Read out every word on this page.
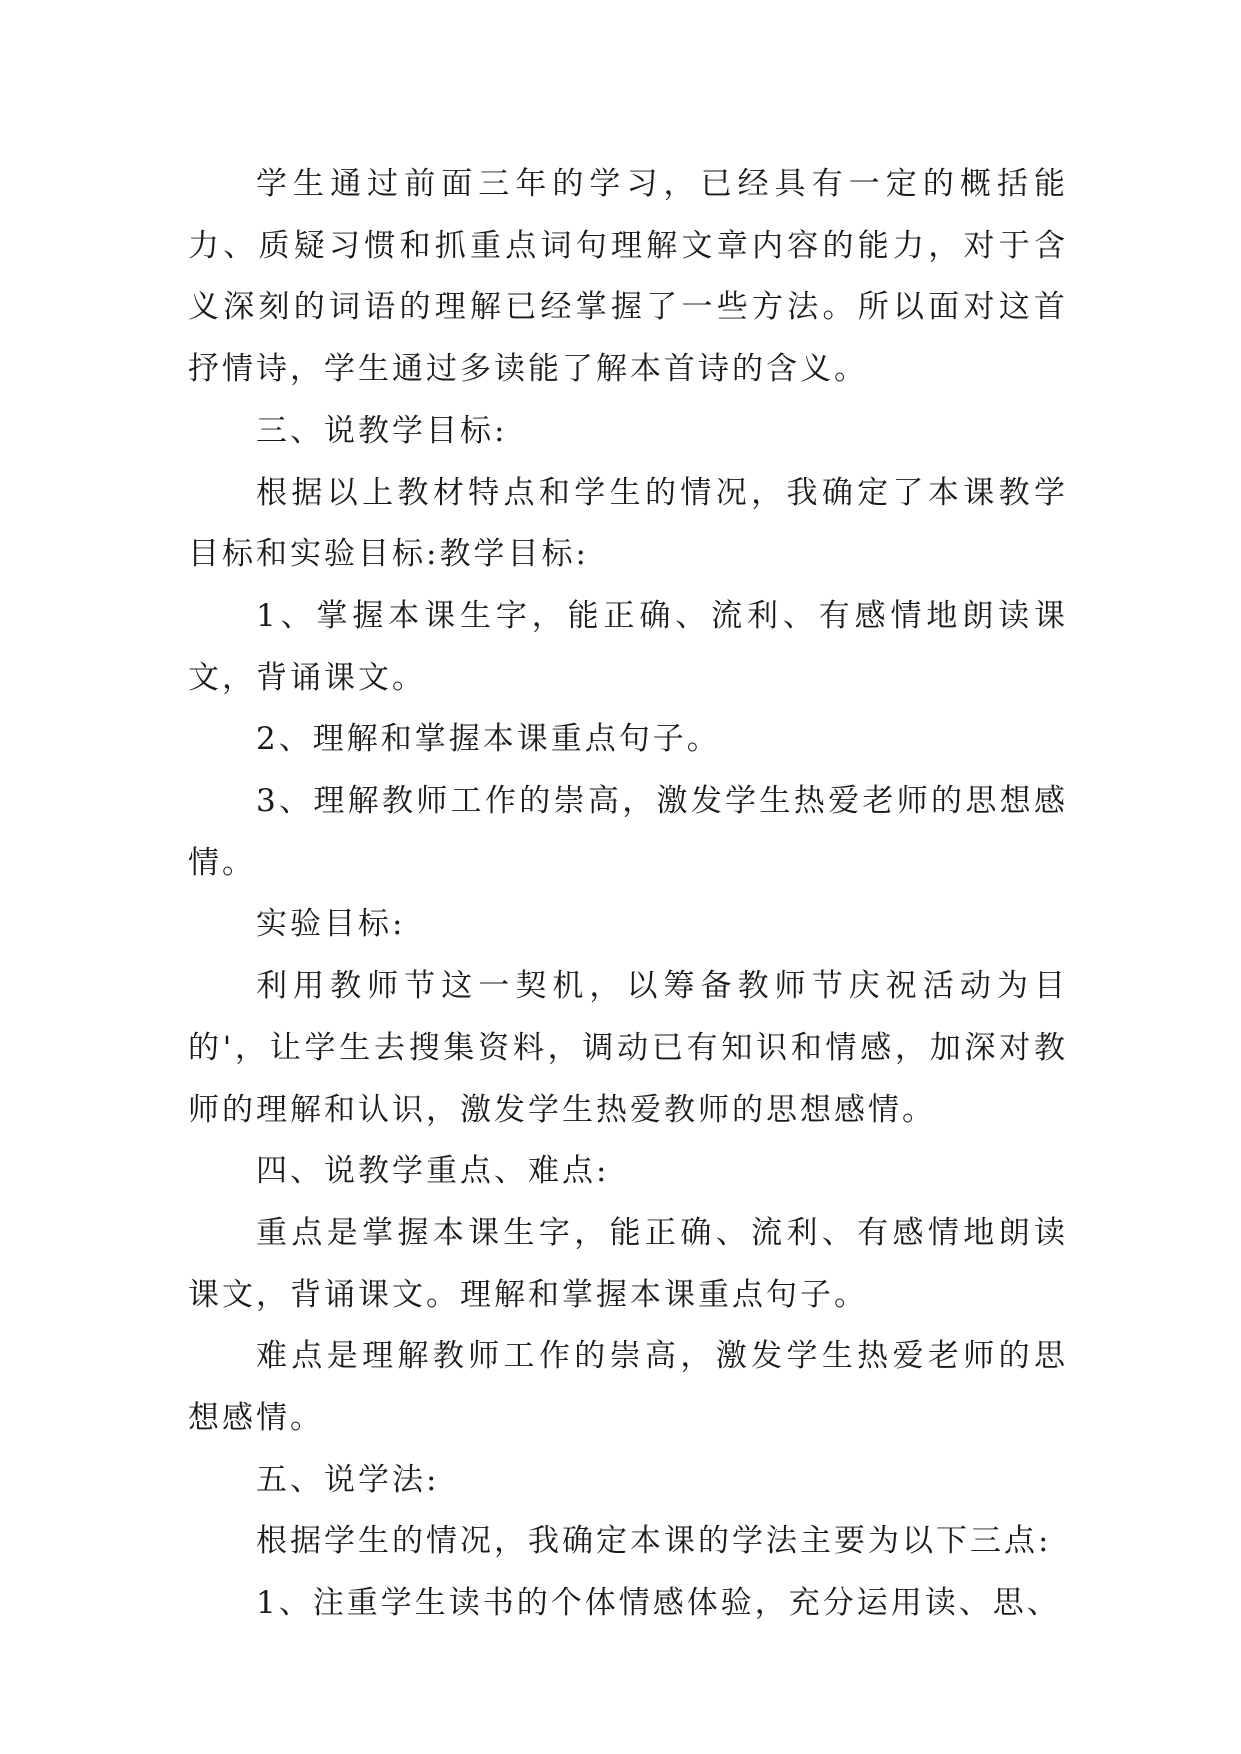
学生通过前面三年的学习，已经具有一定的概括能力、质疑习惯和抓重点词句理解文章内容的能力，对于含义深刻的词语的理解已经掌握了一些方法。所以面对这首抒情诗，学生通过多读能了解本首诗的含义。

三、说教学目标:

根据以上教材特点和学生的情况，我确定了本课教学目标和实验目标:教学目标:

1、掌握本课生字，能正确、流利、有感情地朗读课文，背诵课文。

2、理解和掌握本课重点句子。

3、理解教师工作的崇高，激发学生热爱老师的思想感情。

实验目标:

利用教师节这一契机，以筹备教师节庆祝活动为目的'，让学生去搜集资料，调动已有知识和情感，加深对教师的理解和认识，激发学生热爱教师的思想感情。

四、说教学重点、难点:

重点是掌握本课生字，能正确、流利、有感情地朗读课文，背诵课文。理解和掌握本课重点句子。

难点是理解教师工作的崇高，激发学生热爱老师的思想感情。

五、说学法:

根据学生的情况，我确定本课的学法主要为以下三点:

1、注重学生读书的个体情感体验，充分运用读、思、
